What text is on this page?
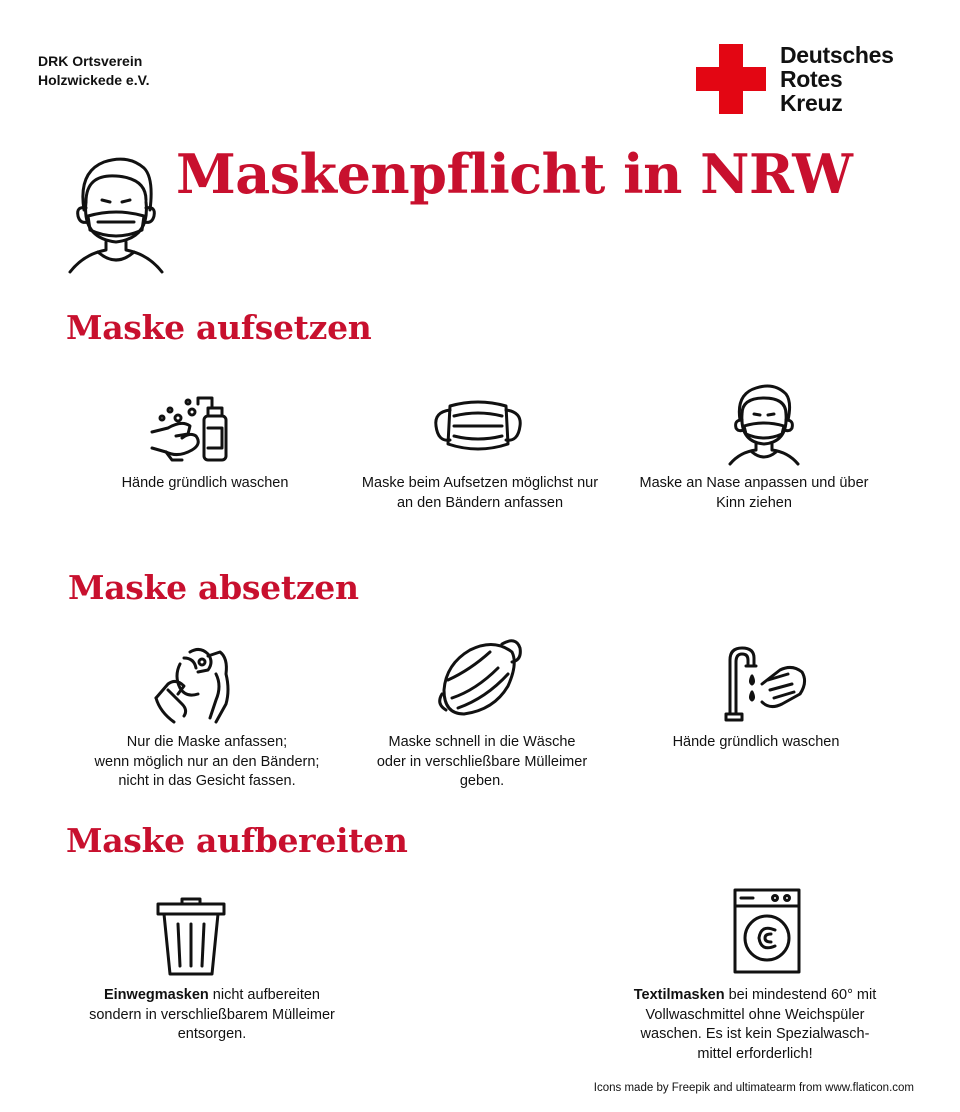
DRK Ortsverein
Holzwickede e.V.
Deutsches
Rotes
Kreuz
Maskenpflicht in NRW
Maske aufsetzen
Hände gründlich waschen	Maske beim Aufsetzen möglichst nur
an den Bändern anfassen
Maske an Nase anpassen und über
Kinn ziehen
Maske absetzen
Nur die Maske anfassen;
wenn möglich nur an den Bändern;
nicht in das Gesicht fassen.
Maske schnell in die Wäsche
oder in verschließbare Mülleimer
geben.
Hände gründlich waschen
Maske aufbereiten
Einwegmasken nicht aufbereiten
sondern in verschließbarem Mülleimer
entsorgen.
Textilmasken bei mindestend 60° mit
Vollwaschmittel ohne Weichspüler
waschen. Es ist kein Spezialwasch-
mittel erforderlich!
Icons made by Freepik and ultimatearm from www.flaticon.com
